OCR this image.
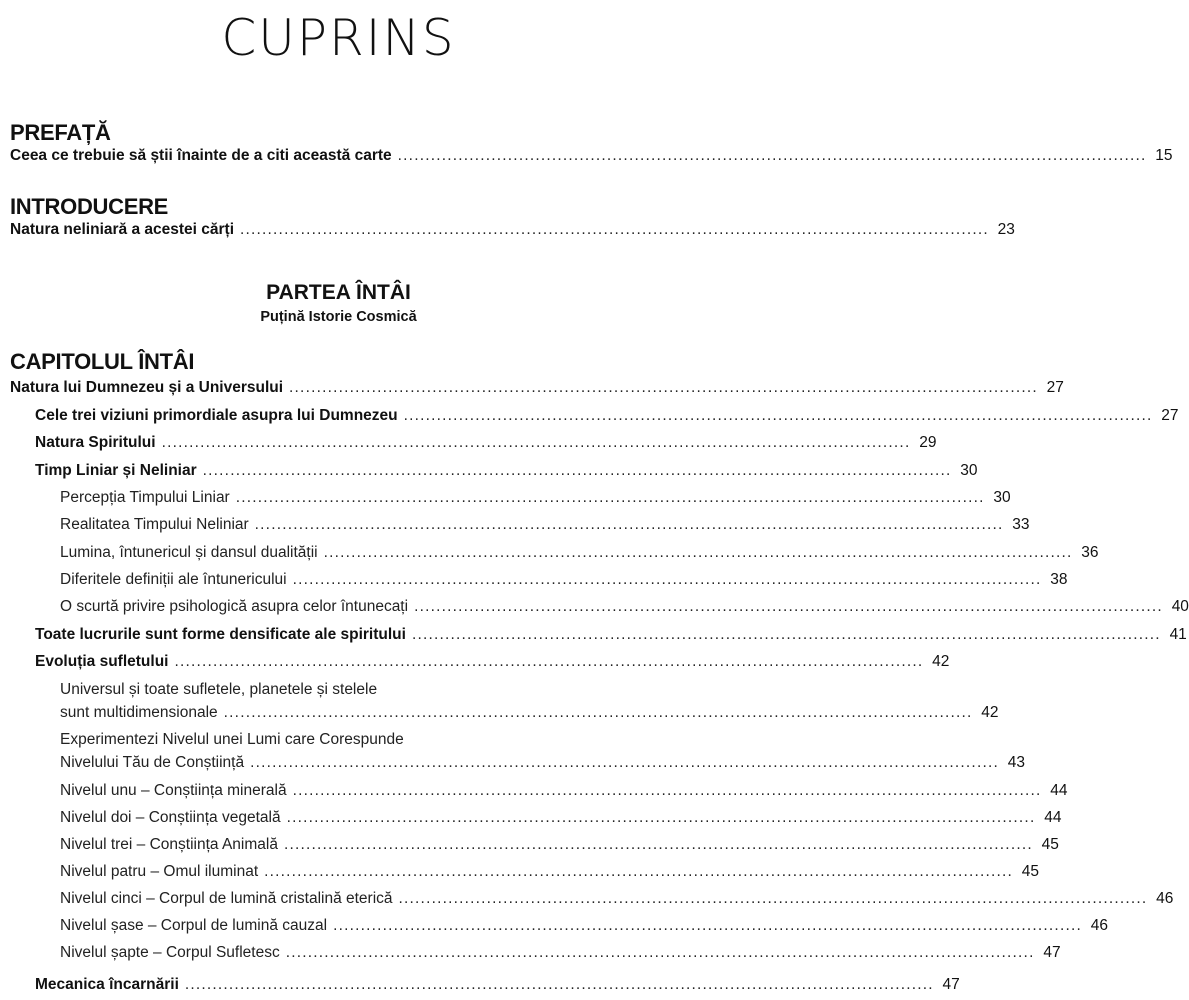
CUPRINS
PREFAȚĂ
Ceea ce trebuie să știi înainte de a citi această carte ........................................................................................................................................ 15
INTRODUCERE
Natura neliniară a acestei cărți ........................................................................................................................................ 23
PARTEA ÎNTÂI
Puțină Istorie Cosmică
CAPITOLUL ÎNTÂI
Natura lui Dumnezeu și a Universului ........................................................................................................................................ 27
Cele trei viziuni primordiale asupra lui Dumnezeu ........................................................................................................................................ 27
Natura Spiritului ........................................................................................................................................ 29
Timp Liniar și Neliniar ........................................................................................................................................ 30
Percepția Timpului Liniar ........................................................................................................................................ 30
Realitatea Timpului Neliniar ........................................................................................................................................ 33
Lumina, întunericul și dansul dualității ........................................................................................................................................ 36
Diferitele definiții ale întunericului ........................................................................................................................................ 38
O scurtă privire psihologică asupra celor întunecați ........................................................................................................................................ 40
Toate lucrurile sunt forme densificate ale spiritului ........................................................................................................................................ 41
Evoluția sufletului ........................................................................................................................................ 42
Universul și toate sufletele, planetele și stelele
sunt multidimensionale ........................................................................................................................................ 42
Experimentezi Nivelul unei Lumi care Corespunde
Nivelului Tău de Conștiință ........................................................................................................................................ 43
Nivelul unu – Conștiința minerală ........................................................................................................................................ 44
Nivelul doi – Conștiința vegetală ........................................................................................................................................ 44
Nivelul trei – Conștiința Animală ........................................................................................................................................ 45
Nivelul patru – Omul iluminat ........................................................................................................................................ 45
Nivelul cinci – Corpul de lumină cristalină eterică ........................................................................................................................................ 46
Nivelul șase – Corpul de lumină cauzal ........................................................................................................................................ 46
Nivelul șapte – Corpul Sufletesc ........................................................................................................................................ 47
Mecanica încarnării ........................................................................................................................................ 47
